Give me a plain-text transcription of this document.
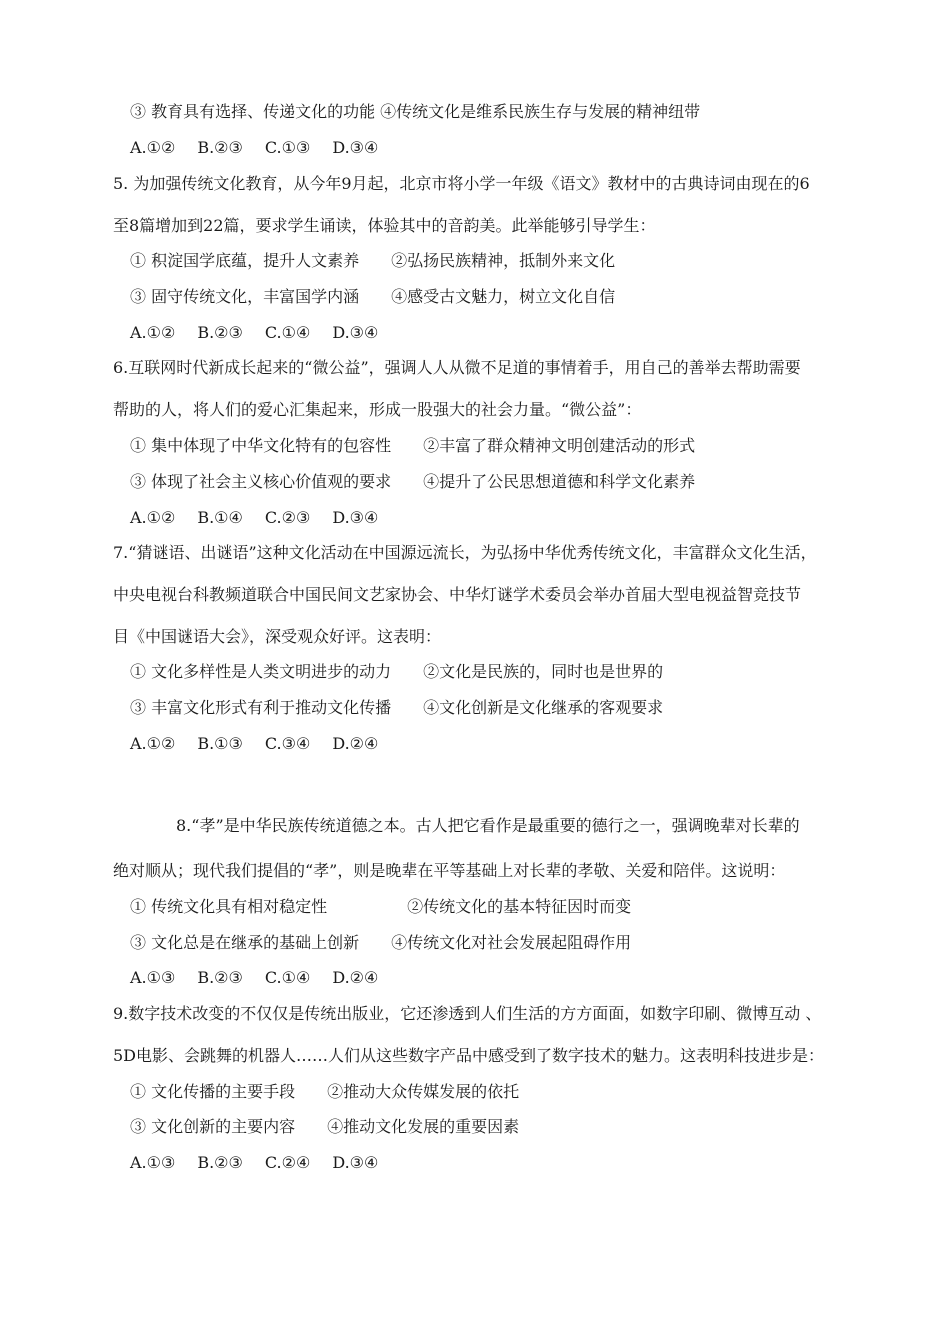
③ 教育具有选择、传递文化的功能 ④传统文化是维系民族生存与发展的精神纽带
A.①② B.②③ C.①③ D.③④
5. 为加强传统文化教育，从今年9月起，北京市将小学一年级《语文》教材中的古典诗词由现在的6
至8篇增加到22篇，要求学生诵读，体验其中的音韵美。此举能够引导学生：
① 积淀国学底蕴，提升人文素养　　②弘扬民族精神，抵制外来文化
③ 固守传统文化，丰富国学内涵　　④感受古文魅力，树立文化自信
A.①② B.②③ C.①④ D.③④
6.互联网时代新成长起来的“微公益”，强调人人从微不足道的事情着手，用自己的善举去帮助需要
帮助的人，将人们的爱心汇集起来，形成一股强大的社会力量。“微公益”：
① 集中体现了中华文化特有的包容性　　②丰富了群众精神文明创建活动的形式
③ 体现了社会主义核心价值观的要求　　④提升了公民思想道德和科学文化素养
A.①② B.①④ C.②③ D.③④
7.“猜谜语、出谜语”这种文化活动在中国源远流长，为弘扬中华优秀传统文化，丰富群众文化生活，
中央电视台科教频道联合中国民间文艺家协会、中华灯谜学术委员会举办首届大型电视益智竞技节
目《中国谜语大会》，深受观众好评。这表明：
① 文化多样性是人类文明进步的动力　　②文化是民族的，同时也是世界的
③ 丰富文化形式有利于推动文化传播　　④文化创新是文化继承的客观要求
A.①② B.①③ C.③④ D.②④
8.“孝”是中华民族传统道德之本。古人把它看作是最重要的德行之一，强调晚辈对长辈的
绝对顺从；现代我们提倡的“孝”，则是晚辈在平等基础上对长辈的孝敬、关爱和陪伴。这说明：
① 传统文化具有相对稳定性　　　　　②传统文化的基本特征因时而变
③ 文化总是在继承的基础上创新　　④传统文化对社会发展起阻碍作用
A.①③ B.②③ C.①④ D.②④
9.数字技术改变的不仅仅是传统出版业，它还渗透到人们生活的方方面面，如数字印刷、微博互动 、
5D电影、会跳舞的机器人……人们从这些数字产品中感受到了数字技术的魅力。这表明科技进步是：
① 文化传播的主要手段　　②推动大众传媒发展的依托
③ 文化创新的主要内容　　④推动文化发展的重要因素
A.①③ B.②③ C.②④ D.③④
